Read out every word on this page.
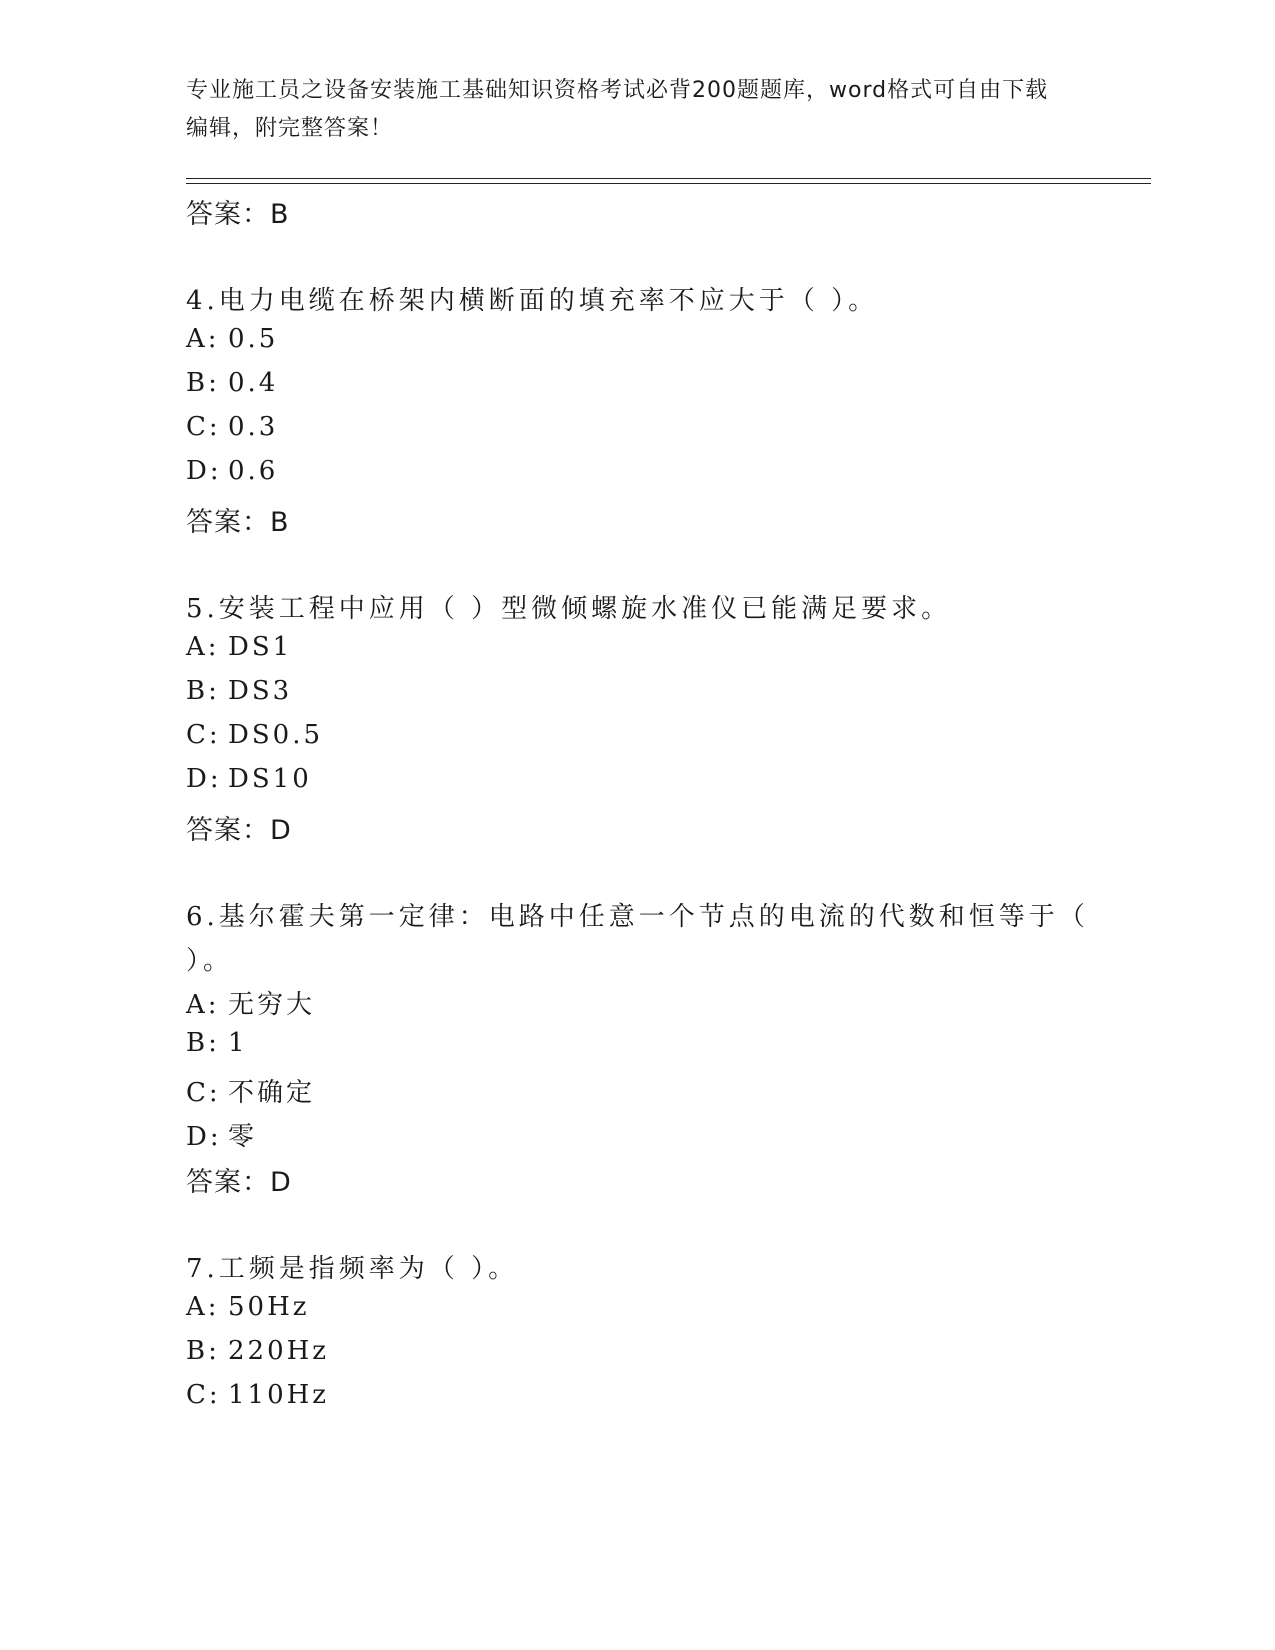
专业施工员之设备安装施工基础知识资格考试必背200题题库，word格式可自由下载编辑，附完整答案！
答案：B
4.电力电缆在桥架内横断面的填充率不应大于（ ）。
A: 0.5
B: 0.4
C: 0.3
D: 0.6
答案：B
5.安装工程中应用（ ）型微倾螺旋水准仪已能满足要求。
A: DS1
B: DS3
C: DS0.5
D: DS10
答案：D
6.基尔霍夫第一定律：电路中任意一个节点的电流的代数和恒等于（
）。
A: 无穷大
B: 1
C: 不确定
D: 零
答案：D
7.工频是指频率为（ ）。
A: 50Hz
B: 220Hz
C: 110Hz
